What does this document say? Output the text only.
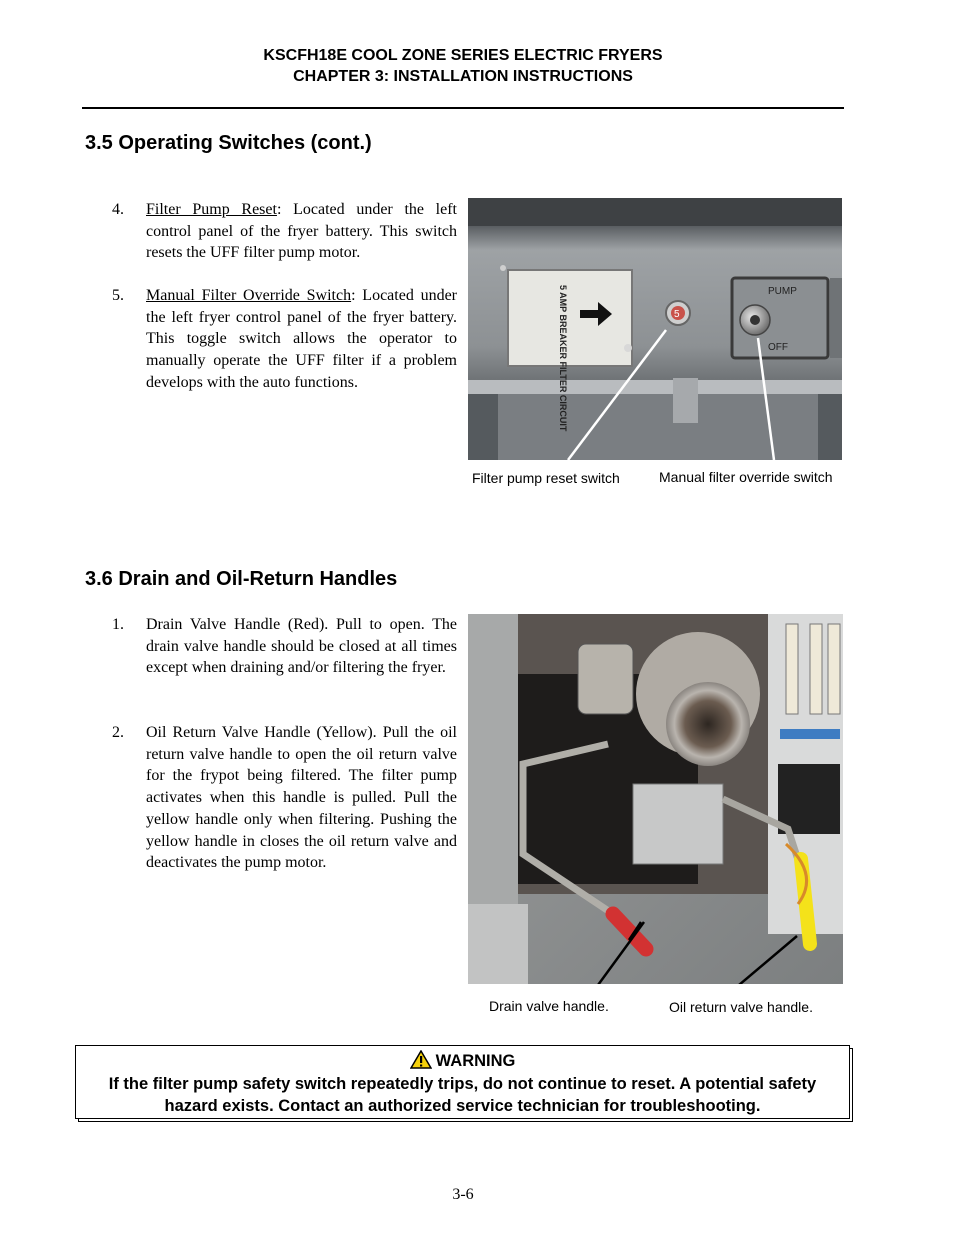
KSCFH18E COOL ZONE SERIES ELECTRIC FRYERS
CHAPTER 3: INSTALLATION INSTRUCTIONS
3.5 Operating Switches (cont.)
4. Filter Pump Reset: Located under the left control panel of the fryer battery. This switch resets the UFF filter pump motor.
5. Manual Filter Override Switch: Located under the left fryer control panel of the fryer battery. This toggle switch allows the operator to manually operate the UFF filter if a problem develops with the auto functions.	5 AMP BREAKER FILTER CIRCUIT	5
PUMP
OFF
Filter pump reset switch	Manual filter override switch
3.6 Drain and Oil-Return Handles
1. Drain Valve Handle (Red). Pull to open. The drain valve handle should be closed at all times except when draining and/or filtering the fryer.
2. Oil Return Valve Handle (Yellow). Pull the oil return valve handle to open the oil return valve for the frypot being filtered. The filter pump activates when this handle is pulled. Pull the yellow handle only when filtering. Pushing the yellow handle in closes the oil return valve and deactivates the pump motor.
Drain valve handle.	Oil return valve handle.
WARNING
If the filter pump safety switch repeatedly trips, do not continue to reset. A potential safety hazard exists. Contact an authorized service technician for troubleshooting.
3-6
